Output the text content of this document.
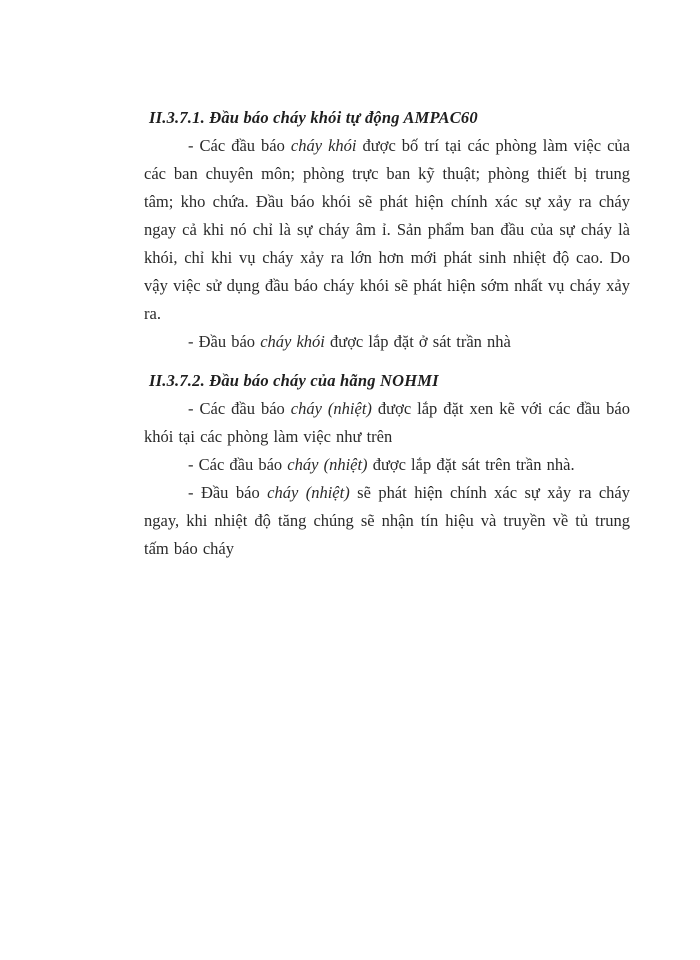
II.3.7.1. Đầu báo cháy khói tự động AMPAC60

- Các đầu báo cháy khói được bố trí tại các phòng làm việc của các ban chuyên môn; phòng trực ban kỹ thuật; phòng thiết bị trung tâm; kho chứa. Đầu báo khói sẽ phát hiện chính xác sự xảy ra cháy ngay cả khi nó chỉ là sự cháy âm ỉ. Sản phẩm ban đầu của sự cháy là khói, chỉ khi vụ cháy xảy ra lớn hơn mới phát sinh nhiệt độ cao. Do vậy việc sử dụng đầu báo cháy khói sẽ phát hiện sớm nhất vụ cháy xảy ra.

- Đầu báo cháy khói được lắp đặt ở sát trần nhà

II.3.7.2. Đầu báo cháy của hãng NOHMI

- Các đầu báo cháy (nhiệt) được lắp đặt xen kẽ với các đầu báo khói tại các phòng làm việc như trên

- Các đầu báo cháy (nhiệt) được lắp đặt sát trên trần nhà.

- Đầu báo cháy (nhiệt) sẽ phát hiện chính xác sự xảy ra cháy ngay, khi nhiệt độ tăng chúng sẽ nhận tín hiệu và truyền về tủ trung tấm báo cháy
